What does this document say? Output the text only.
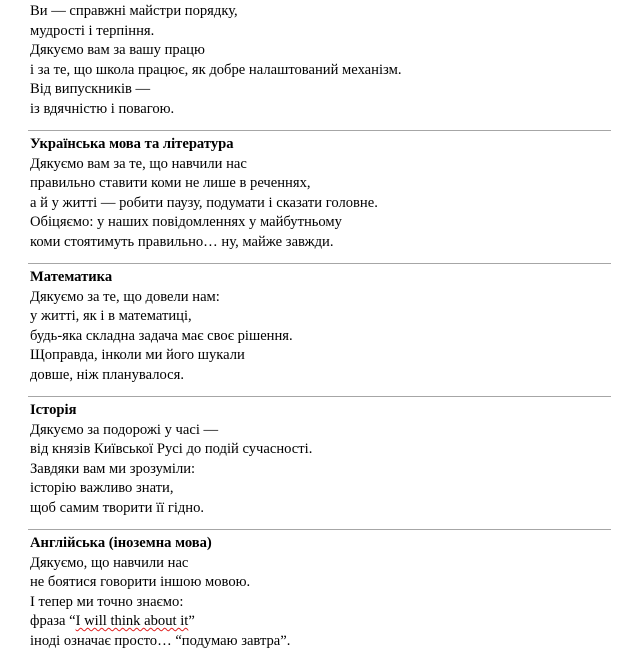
Ви — справжні майстри порядку,
мудрості і терпіння.
Дякуємо вам за вашу працю
і за те, що школа працює, як добре налаштований механізм.
Від випускників —
із вдячністю і повагою.
Українська мова та література
Дякуємо вам за те, що навчили нас
правильно ставити коми не лише в реченнях,
а й у житті — робити паузу, подумати і сказати головне.
Обіцяємо: у наших повідомленнях у майбутньому
коми стоятимуть правильно… ну, майже завжди.
Математика
Дякуємо за те, що довели нам:
у житті, як і в математиці,
будь-яка складна задача має своє рішення.
Щоправда, інколи ми його шукали
довше, ніж планувалося.
Історія
Дякуємо за подорожі у часі —
від князів Київської Русі до подій сучасності.
Завдяки вам ми зрозуміли:
історію важливо знати,
щоб самим творити її гідно.
Англійська (іноземна мова)
Дякуємо, що навчили нас
не боятися говорити іншою мовою.
І тепер ми точно знаємо:
фраза “I will think about it”
іноді означає просто… “подумаю завтра”.
